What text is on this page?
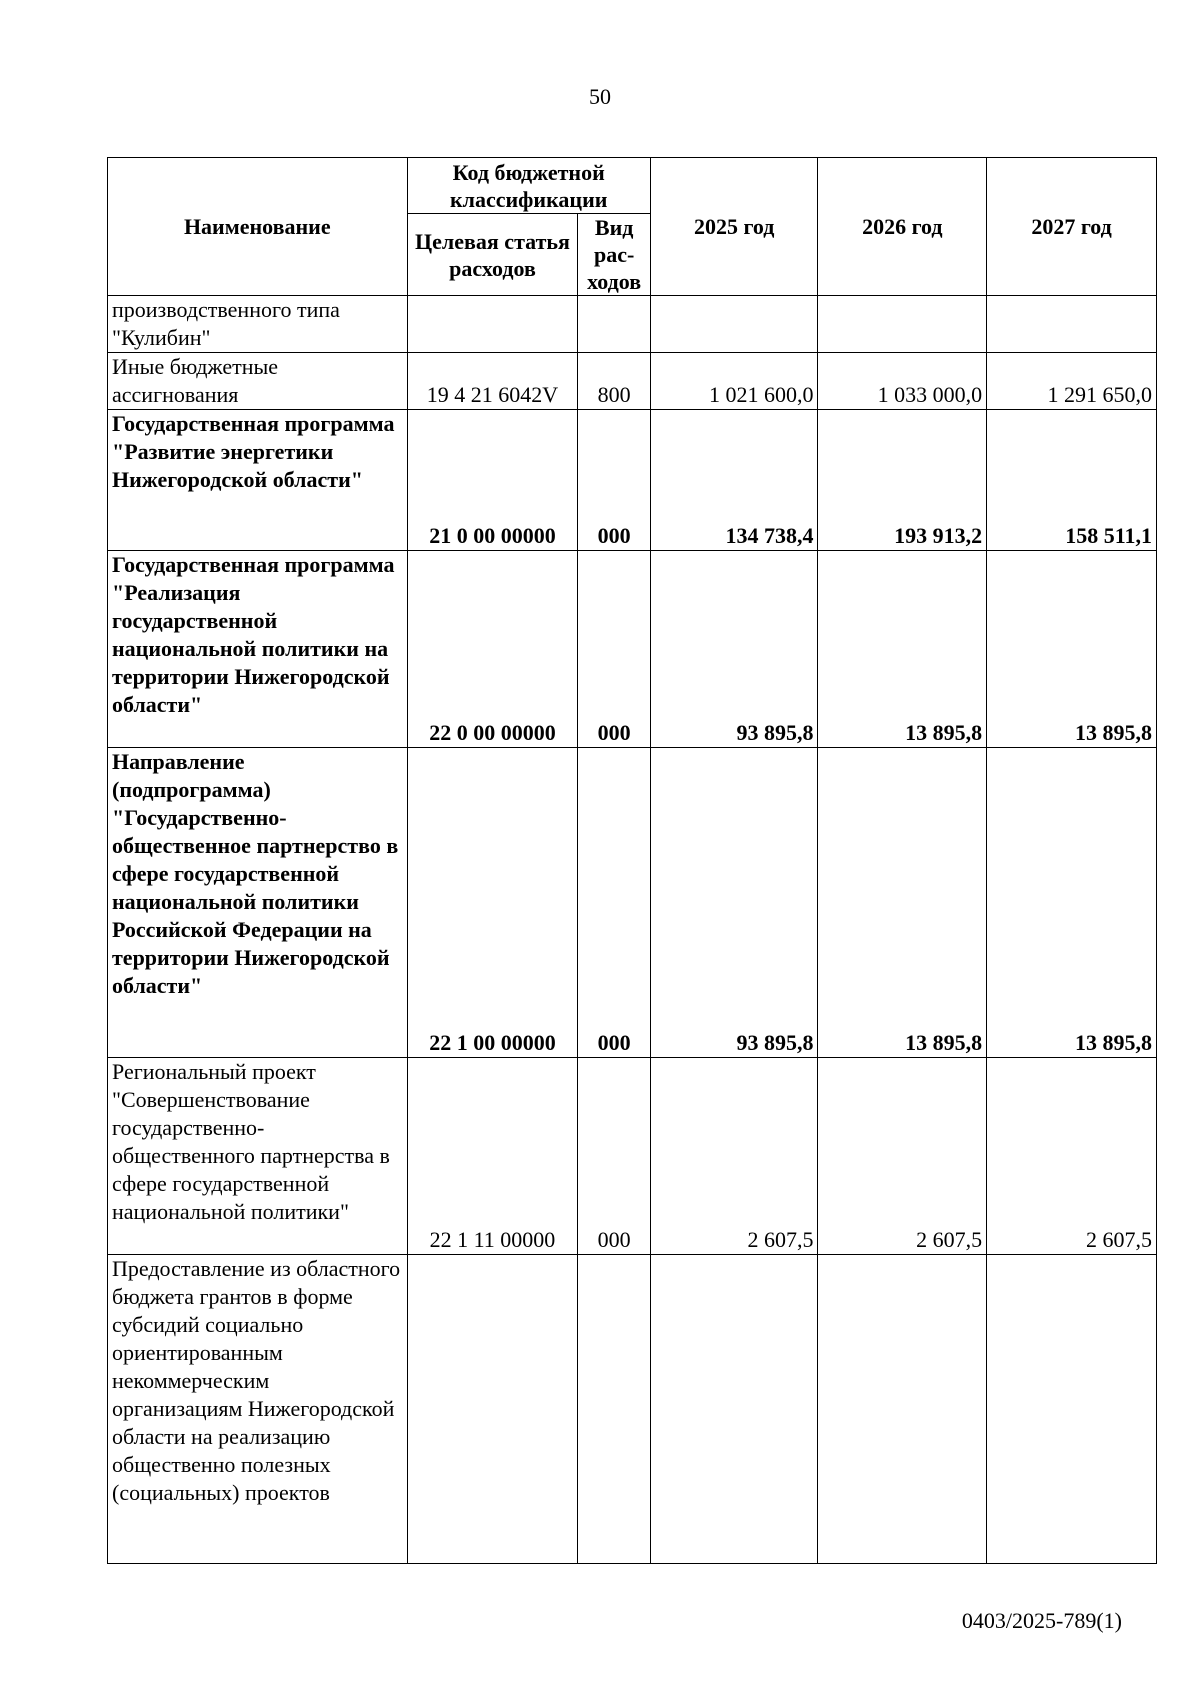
50
Наименование	Код бюджетной классификации		2025 год	2026 год	2027 год
	Целевая статья расходов	Вид рас-ходов			
производственного типа "Кулибин"					
Иные бюджетные ассигнования	19 4 21 6042V	800	1 021 600,0	1 033 000,0	1 291 650,0
Государственная программа "Развитие энергетики Нижегородской области"	21 0 00 00000	000	134 738,4	193 913,2	158 511,1
Государственная программа "Реализация государственной национальной политики на территории Нижегородской области"	22 0 00 00000	000	93 895,8	13 895,8	13 895,8
Направление (подпрограмма) "Государственно-общественное партнерство в сфере государственной национальной политики Российской Федерации на территории Нижегородской области"	22 1 00 00000	000	93 895,8	13 895,8	13 895,8
Региональный проект "Совершенствование государственно-общественного партнерства в сфере государственной национальной политики"	22 1 11 00000	000	2 607,5	2 607,5	2 607,5
Предоставление из областного бюджета грантов в форме субсидий социально ориентированным некоммерческим организациям Нижегородской области на реализацию общественно полезных (социальных) проектов					
0403/2025-789(1)
